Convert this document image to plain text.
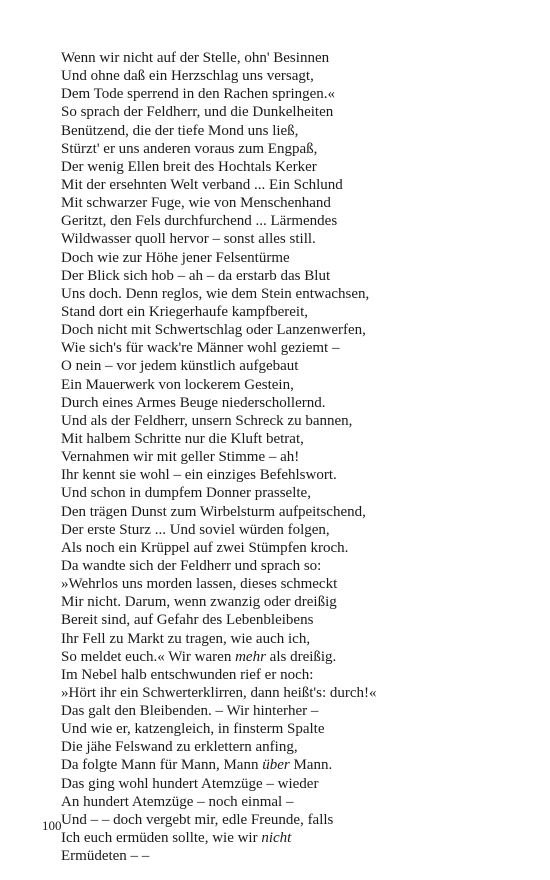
Wenn wir nicht auf der Stelle, ohn' Besinnen
Und ohne daß ein Herzschlag uns versagt,
Dem Tode sperrend in den Rachen springen.«
So sprach der Feldherr, und die Dunkelheiten
Benützend, die der tiefe Mond uns ließ,
Stürzt' er uns anderen voraus zum Engpaß,
Der wenig Ellen breit des Hochtals Kerker
Mit der ersehnten Welt verband ... Ein Schlund
Mit schwarzer Fuge, wie von Menschenhand
Geritzt, den Fels durchfurchend ... Lärmendes
Wildwasser quoll hervor – sonst alles still.
Doch wie zur Höhe jener Felsentürme
Der Blick sich hob – ah – da erstarb das Blut
Uns doch. Denn reglos, wie dem Stein entwachsen,
Stand dort ein Kriegerhaufe kampfbereit,
Doch nicht mit Schwertschlag oder Lanzenwerfen,
Wie sich's für wack're Männer wohl geziemt –
O nein – vor jedem künstlich aufgebaut
Ein Mauerwerk von lockerem Gestein,
Durch eines Armes Beuge niederschollernd.
Und als der Feldherr, unsern Schreck zu bannen,
Mit halbem Schritte nur die Kluft betrat,
Vernahmen wir mit geller Stimme – ah!
Ihr kennt sie wohl – ein einziges Befehlswort.
Und schon in dumpfem Donner prasselte,
Den trägen Dunst zum Wirbelsturm aufpeitschend,
Der erste Sturz ... Und soviel würden folgen,
Als noch ein Krüppel auf zwei Stümpfen kroch.
Da wandte sich der Feldherr und sprach so:
»Wehrlos uns morden lassen, dieses schmeckt
Mir nicht. Darum, wenn zwanzig oder dreißig
Bereit sind, auf Gefahr des Lebenbleibens
Ihr Fell zu Markt zu tragen, wie auch ich,
So meldet euch.« Wir waren mehr als dreißig.
Im Nebel halb entschwunden rief er noch:
»Hört ihr ein Schwerterklirren, dann heißt's: durch!«
Das galt den Bleibenden. – Wir hinterher –
Und wie er, katzengleich, in finsterm Spalte
Die jähe Felswand zu erklettern anfing,
Da folgte Mann für Mann, Mann über Mann.
Das ging wohl hundert Atemzüge – wieder
An hundert Atemzüge – noch einmal –
Und – – doch vergebt mir, edle Freunde, falls
Ich euch ermüden sollte, wie wir nicht
Ermüdeten – –
100
